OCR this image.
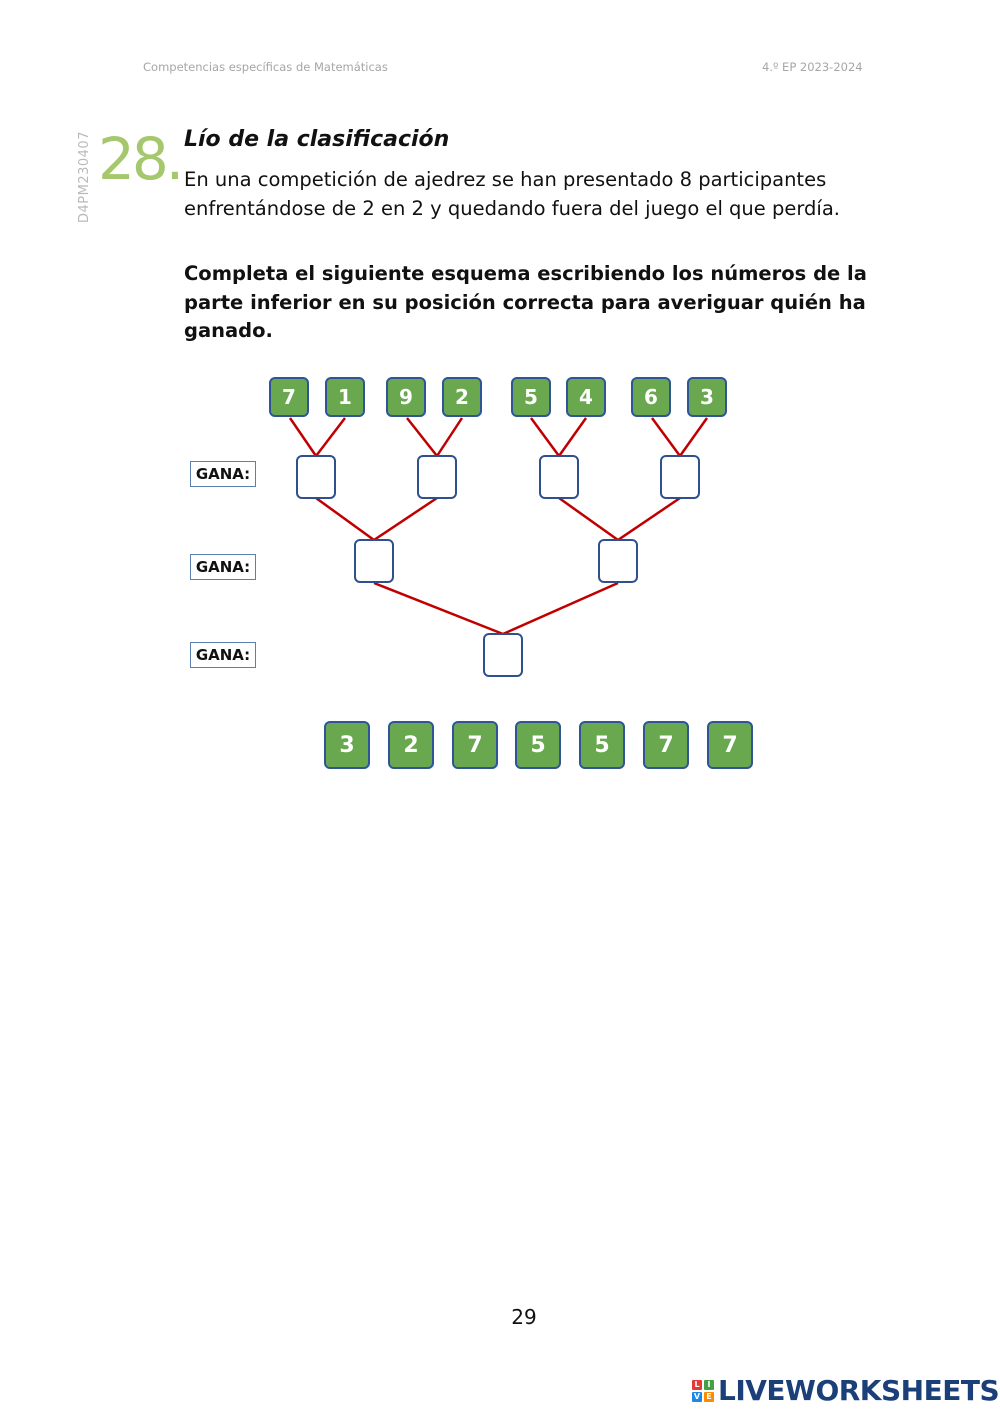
Competencias específicas de Matemáticas	4.º EP 2023-2024
D4PM230407 28. Lío de la clasificación

En una competición de ajedrez se han presentado 8 participantes enfrentándose de 2 en 2 y quedando fuera del juego el que perdía.

Completa el siguiente esquema escribiendo los números de la parte inferior en su posición correcta para averiguar quién ha ganado.

7	1	9	2	5	4	6	3
GANA:
GANA:
GANA:
3	2	7	5	5	7	7
29
L I
V E LIVEWORKSHEETS
